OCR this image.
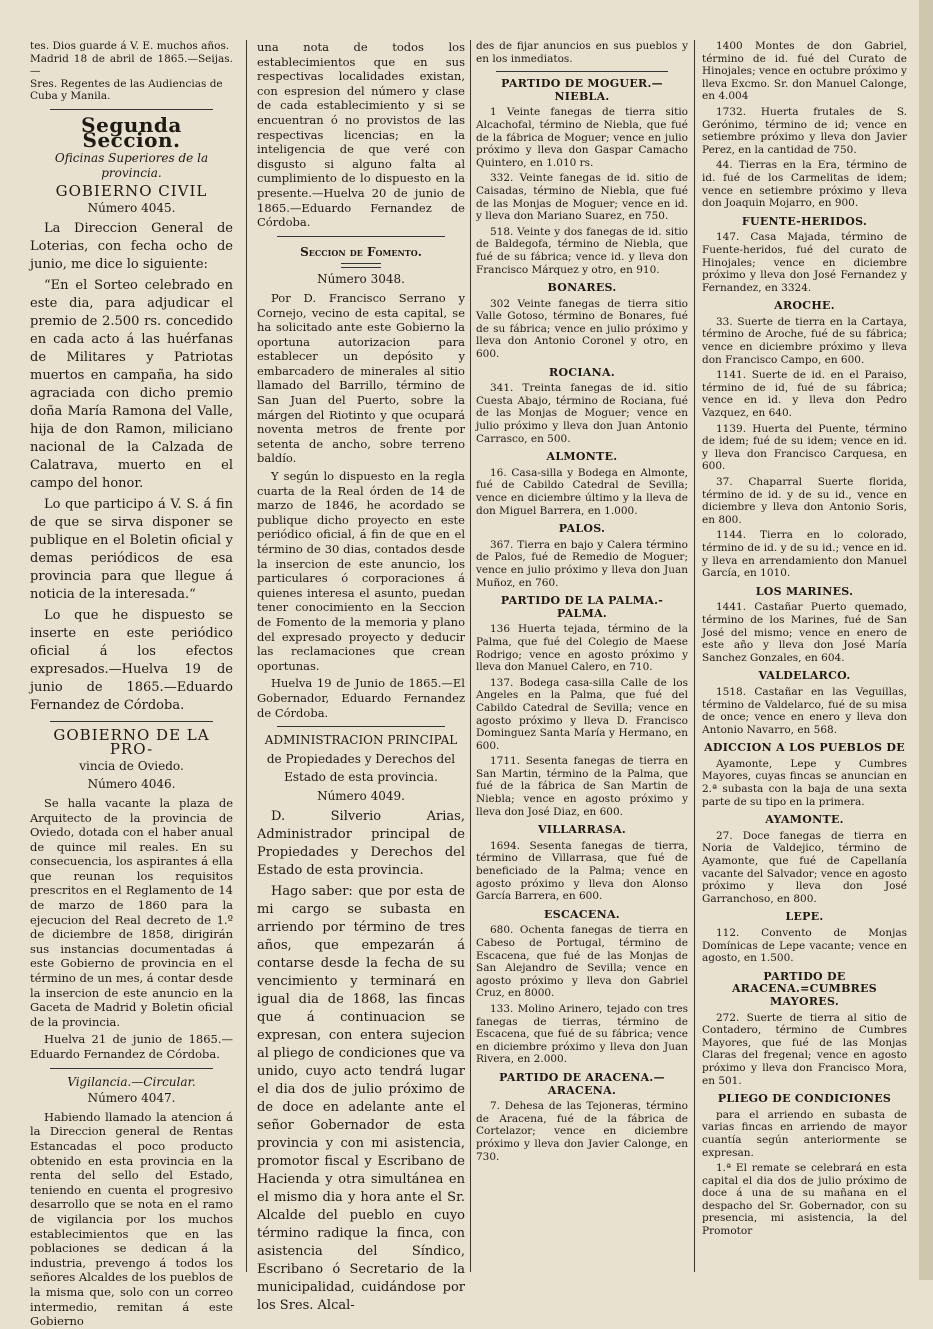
tes. Dios guarde á V. E. muchos años.
Madrid 18 de abril de 1865.—Seijas.—
Sres. Regentes de las Audiencias de
Cuba y Manila.
Segunda Seccion.
Oficinas Superiores de la provincia.
GOBIERNO CIVIL
Número 4045.

La Direccion General de Loterias, con fecha ocho de junio, me dice lo siguiente:

“En el Sorteo celebrado en este dia, para adjudicar el premio de 2.500 rs. concedido en cada acto á las huérfanas de Militares y Patriotas muertos en campaña, ha sido agraciada con dicho premio doña María Ramona del Valle, hija de don Ramon, miliciano nacional de la Calzada de Calatrava, muerto en el campo del honor.

Lo que participo á V. S. á fin de que se sirva disponer se publique en el Boletin oficial y demas periódicos de esa provincia para que llegue á noticia de la interesada.“

Lo que he dispuesto se inserte en este periódico oficial á los efectos expresados.—Huelva 19 de junio de 1865.—Eduardo Fernandez de Córdoba.

GOBIERNO DE LA PRO-
vincia de Oviedo.
Número 4046.

Se halla vacante la plaza de Arquitecto de la provincia de Oviedo, dotada con el haber anual de quince mil reales. En su consecuencia, los aspirantes á ella que reunan los requisitos prescritos en el Reglamento de 14 de marzo de 1860 para la ejecucion del Real decreto de 1.º de diciembre de 1858, dirigirán sus instancias documentadas á este Gobierno de provincia en el término de un mes, á contar desde la insercion de este anuncio en la Gaceta de Madrid y Boletin oficial de la provincia.

Huelva 21 de junio de 1865.—Eduardo Fernandez de Córdoba.

Vigilancia.—Circular.
Número 4047.

Habiendo llamado la atencion á la Direccion general de Rentas Estancadas el poco producto obtenido en esta provincia en la renta del sello del Estado, teniendo en cuenta el progresivo desarrollo que se nota en el ramo de vigilancia por los muchos establecimientos que en las poblaciones se dedican á la industria, prevengo á todos los señores Alcaldes de los pueblos de la misma que, solo con un correo intermedio, remitan á este Gobierno

una nota de todos los establecimientos que en sus respectivas localidades existan, con espresion del número y clase de cada establecimiento y si se encuentran ó no provistos de las respectivas licencias; en la inteligencia de que veré con disgusto si alguno falta al cumplimiento de lo dispuesto en la presente.—Huelva 20 de junio de 1865.—Eduardo Fernandez de Córdoba.

Seccion de Fomento.
Número 3048.

Por D. Francisco Serrano y Cornejo, vecino de esta capital, se ha solicitado ante este Gobierno la oportuna autorizacion para establecer un depósito y embarcadero de minerales al sitio llamado del Barrillo, término de San Juan del Puerto, sobre la márgen del Riotinto y que ocupará noventa metros de frente por setenta de ancho, sobre terreno baldío.

Y según lo dispuesto en la regla cuarta de la Real órden de 14 de marzo de 1846, he acordado se publique dicho proyecto en este periódico oficial, á fin de que en el término de 30 dias, contados desde la insercion de este anuncio, los particulares ó corporaciones á quienes interesa el asunto, puedan tener conocimiento en la Seccion de Fomento de la memoria y plano del expresado proyecto y deducir las reclamaciones que crean oportunas.

Huelva 19 de Junio de 1865.—El Gobernador, Eduardo Fernandez de Córdoba.

ADMINISTRACION PRINCIPAL
de Propiedades y Derechos del
Estado de esta provincia.
Número 4049.

D. Silverio Arias, Administrador principal de Propiedades y Derechos del Estado de esta provincia.

Hago saber: que por esta de mi cargo se subasta en arriendo por término de tres años, que empezarán á contarse desde la fecha de su vencimiento y terminará en igual dia de 1868, las fincas que á continuacion se expresan, con entera sujecion al pliego de condiciones que va unido, cuyo acto tendrá lugar el dia dos de julio próximo de de doce en adelante ante el señor Gobernador de esta provincia y con mi asistencia, promotor fiscal y Escribano de Hacienda y otra simultánea en el mismo dia y hora ante el Sr. Alcalde del pueblo en cuyo término radique la finca, con asistencia del Síndico, Escribano ó Secretario de la municipalidad, cuidándose por los Sres. Alcal-

des de fijar anuncios en sus pueblos y en los inmediatos.

PARTIDO DE MOGUER.—NIEBLA.

1 Veinte fanegas de tierra sitio Alcachofal, término de Niebla, que fué de la fábrica de Moguer; vence en julio próximo y lleva don Gaspar Camacho Quintero, en 1.010 rs.

332. Veinte fanegas de id. sitio de Caisadas, término de Niebla, que fué de las Monjas de Moguer; vence en id. y lleva don Mariano Suarez, en 750.

518. Veinte y dos fanegas de id. sitio de Baldegofa, término de Niebla, que fué de su fábrica; vence id. y lleva don Francisco Márquez y otro, en 910.

BONARES.

302 Veinte fanegas de tierra sitio Valle Gotoso, término de Bonares, fué de su fábrica; vence en julio próximo y lleva don Antonio Coronel y otro, en 600.

ROCIANA.

341. Treinta fanegas de id. sitio Cuesta Abajo, término de Rociana, fué de las Monjas de Moguer; vence en julio próximo y lleva don Juan Antonio Carrasco, en 500.

ALMONTE.

16. Casa-silla y Bodega en Almonte, fué de Cabildo Catedral de Sevilla; vence en diciembre último y la lleva de don Miguel Barrera, en 1.000.

PALOS.

367. Tierra en bajo y Calera término de Palos, fué de Remedio de Moguer; vence en julio próximo y lleva don Juan Muñoz, en 760.

PARTIDO DE LA PALMA.-PALMA.

136 Huerta tejada, término de la Palma, que fué del Colegio de Maese Rodrigo; vence en agosto próximo y lleva don Manuel Calero, en 710.

137. Bodega casa-silla Calle de los Angeles en la Palma, que fué del Cabildo Catedral de Sevilla; vence en agosto próximo y lleva D. Francisco Dominguez Santa María y Hermano, en 600.

1711. Sesenta fanegas de tierra en San Martin, término de la Palma, que fué de la fábrica de San Martin de Niebla; vence en agosto próximo y lleva don José Diaz, en 600.

VILLARRASA.

1694. Sesenta fanegas de tierra, término de Villarrasa, que fué de beneficiado de la Palma; vence en agosto próximo y lleva don Alonso García Barrera, en 600.

ESCACENA.

680. Ochenta fanegas de tierra en Cabeso de Portugal, término de Escacena, que fué de las Monjas de San Alejandro de Sevilla; vence en agosto próximo y lleva don Gabriel Cruz, en 8000.

133. Molino Arinero, tejado con tres fanegas de tierras, término de Escacena, que fué de su fábrica; vence en diciembre próximo y lleva don Juan Rivera, en 2.000.

PARTIDO DE ARACENA.—ARACENA.

7. Dehesa de las Tejoneras, término de Aracena, fué de la fábrica de Cortelazor; vence en diciembre próximo y lleva don Javier Calonge, en 730.

1400 Montes de don Gabriel, término de id. fué del Curato de Hinojales; vence en octubre próximo y lleva Excmo. Sr. don Manuel Calonge, en 4.004

1732. Huerta frutales de S. Gerónimo, término de id; vence en setiembre próximo y lleva don Javier Perez, en la cantidad de 750.

44. Tierras en la Era, término de id. fué de los Carmelitas de idem; vence en setiembre próximo y lleva don Joaquin Mojarro, en 900.

FUENTE-HERIDOS.

147. Casa Majada, término de Fuente-heridos, fué del curato de Hinojales; vence en diciembre próximo y lleva don José Fernandez y Fernandez, en 3324.

AROCHE.

33. Suerte de tierra en la Cartaya, término de Aroche, fué de su fábrica; vence en diciembre próximo y lleva don Francisco Campo, en 600.

1141. Suerte de id. en el Paraiso, término de id, fué de su fábrica; vence en id. y lleva don Pedro Vazquez, en 640.

1139. Huerta del Puente, término de idem; fué de su idem; vence en id. y lleva don Francisco Carquesa, en 600.

37. Chaparral Suerte florida, término de id. y de su id., vence en diciembre y lleva don Antonio Soris, en 800.

1144. Tierra en lo colorado, término de id. y de su id.; vence en id. y lleva en arrendamiento don Manuel García, en 1010.

LOS MARINES.

1441. Castañar Puerto quemado, término de los Marines, fué de San José del mismo; vence en enero de este año y lleva don José María Sanchez Gonzales, en 604.

VALDELARCO.

1518. Castañar en las Veguillas, término de Valdelarco, fué de su misa de once; vence en enero y lleva don Antonio Navarro, en 568.

ADICCION A LOS PUEBLOS DE

Ayamonte, Lepe y Cumbres Mayores, cuyas fincas se anuncian en 2.ª subasta con la baja de una sexta parte de su tipo en la primera.

AYAMONTE.

27. Doce fanegas de tierra en Noria de Valdejico, término de Ayamonte, que fué de Capellanía vacante del Salvador; vence en agosto próximo y lleva don José Garranchoso, en 800.

LEPE.

112. Convento de Monjas Domínicas de Lepe vacante; vence en agosto, en 1.500.

PARTIDO DE ARACENA.=CUMBRES MAYORES.

272. Suerte de tierra al sitio de Contadero, término de Cumbres Mayores, que fué de las Monjas Claras del fregenal; vence en agosto próximo y lleva don Francisco Mora, en 501.

PLIEGO DE CONDICIONES

para el arriendo en subasta de varias fincas en arriendo de mayor cuantía según anteriormente se expresan.

1.ª El remate se celebrará en esta capital el dia dos de julio próximo de doce á una de su mañana en el despacho del Sr. Gobernador, con su presencia, mi asistencia, la del Promotor
